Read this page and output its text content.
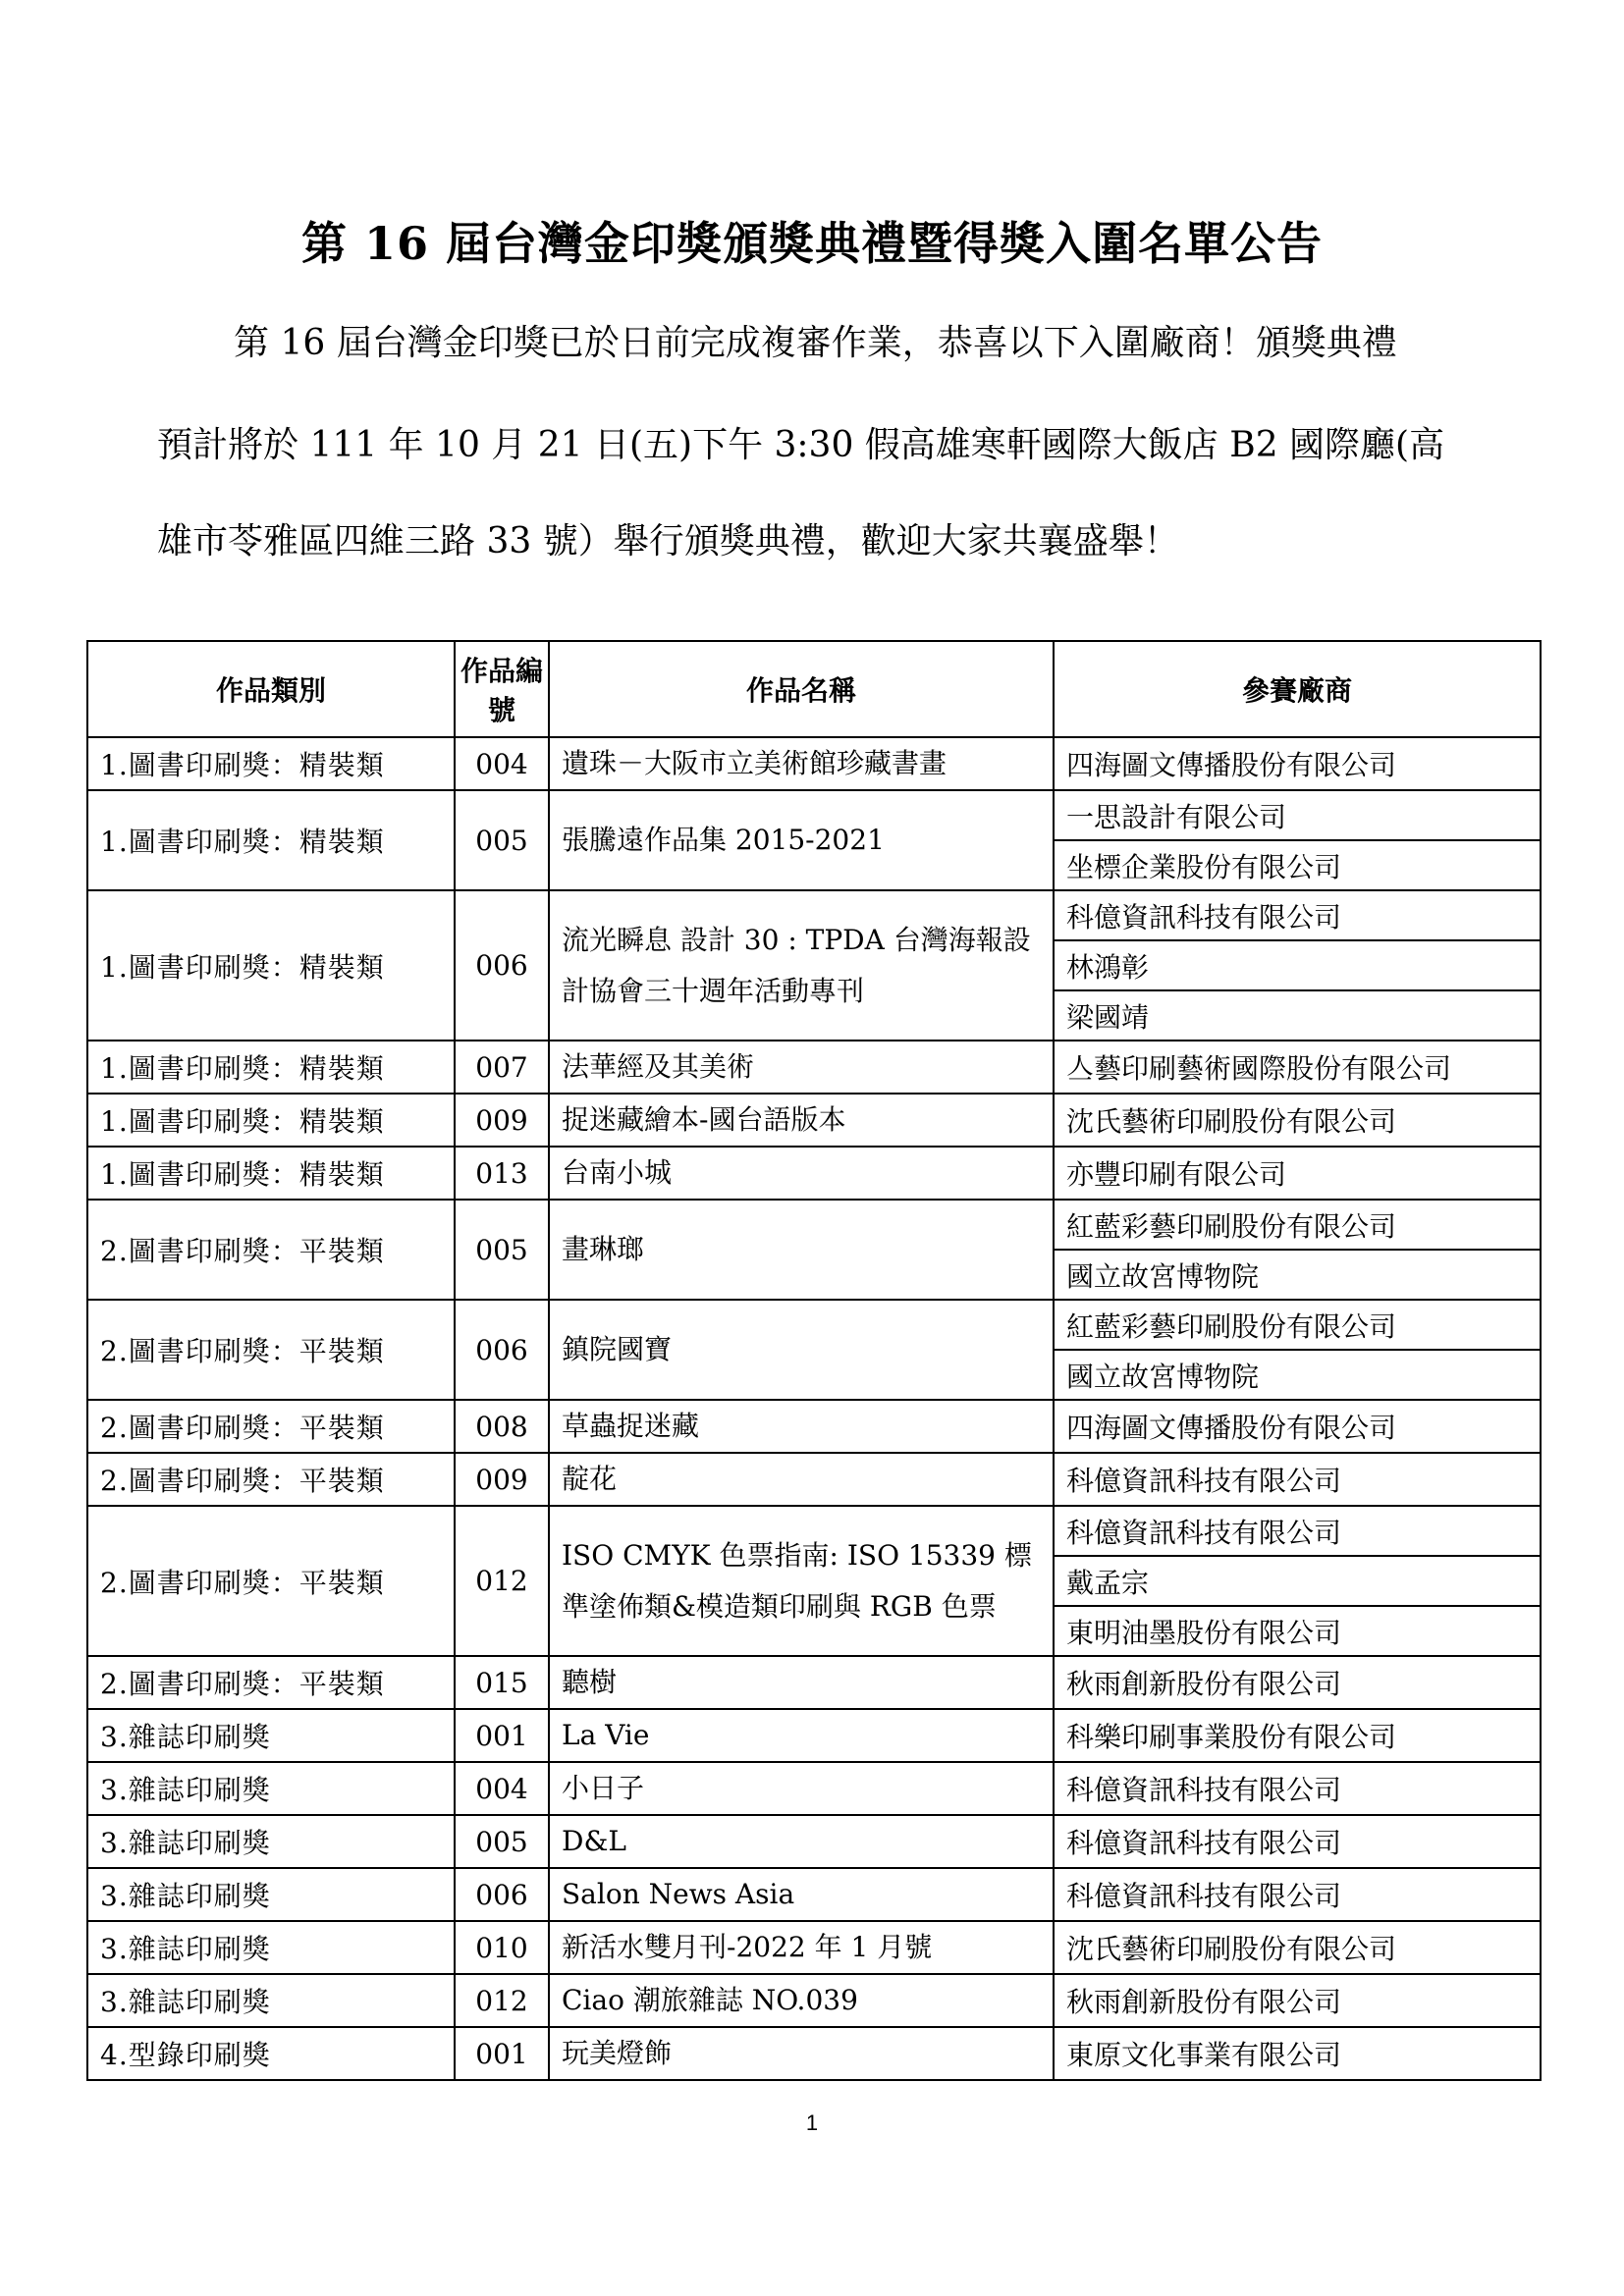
第 16 屆台灣金印獎頒獎典禮暨得獎入圍名單公告
第 16 屆台灣金印獎已於日前完成複審作業，恭喜以下入圍廠商！頒獎典禮
預計將於 111 年 10 月 21 日(五)下午 3:30 假高雄寒軒國際大飯店 B2 國際廳(高
雄市苓雅區四維三路 33 號）舉行頒獎典禮，歡迎大家共襄盛舉！
作品類別	作品編號	作品名稱	參賽廠商
1.圖書印刷獎：精裝類	004	遺珠－大阪市立美術館珍藏書畫	四海圖文傳播股份有限公司
1.圖書印刷獎：精裝類	005	張騰遠作品集 2015-2021	一思設計有限公司
			坐標企業股份有限公司
1.圖書印刷獎：精裝類	006	流光瞬息 設計 30 : TPDA 台灣海報設計協會三十週年活動專刊	科億資訊科技有限公司
			林鴻彰
			梁國靖
1.圖書印刷獎：精裝類	007	法華經及其美術	亼藝印刷藝術國際股份有限公司
1.圖書印刷獎：精裝類	009	捉迷藏繪本-國台語版本	沈氏藝術印刷股份有限公司
1.圖書印刷獎：精裝類	013	台南小城	亦豐印刷有限公司
2.圖書印刷獎：平裝類	005	畫琳瑯	紅藍彩藝印刷股份有限公司
			國立故宮博物院
2.圖書印刷獎：平裝類	006	鎮院國寶	紅藍彩藝印刷股份有限公司
			國立故宮博物院
2.圖書印刷獎：平裝類	008	草蟲捉迷藏	四海圖文傳播股份有限公司
2.圖書印刷獎：平裝類	009	靛花	科億資訊科技有限公司
2.圖書印刷獎：平裝類	012	ISO CMYK 色票指南: ISO 15339 標準塗佈類&模造類印刷與 RGB 色票	科億資訊科技有限公司
			戴孟宗
			東明油墨股份有限公司
2.圖書印刷獎：平裝類	015	聽樹	秋雨創新股份有限公司
3.雜誌印刷獎	001	La Vie	科樂印刷事業股份有限公司
3.雜誌印刷獎	004	小日子	科億資訊科技有限公司
3.雜誌印刷獎	005	D&L	科億資訊科技有限公司
3.雜誌印刷獎	006	Salon News Asia	科億資訊科技有限公司
3.雜誌印刷獎	010	新活水雙月刊-2022 年 1 月號	沈氏藝術印刷股份有限公司
3.雜誌印刷獎	012	Ciao 潮旅雜誌 NO.039	秋雨創新股份有限公司
4.型錄印刷獎	001	玩美燈飾	東原文化事業有限公司
1
